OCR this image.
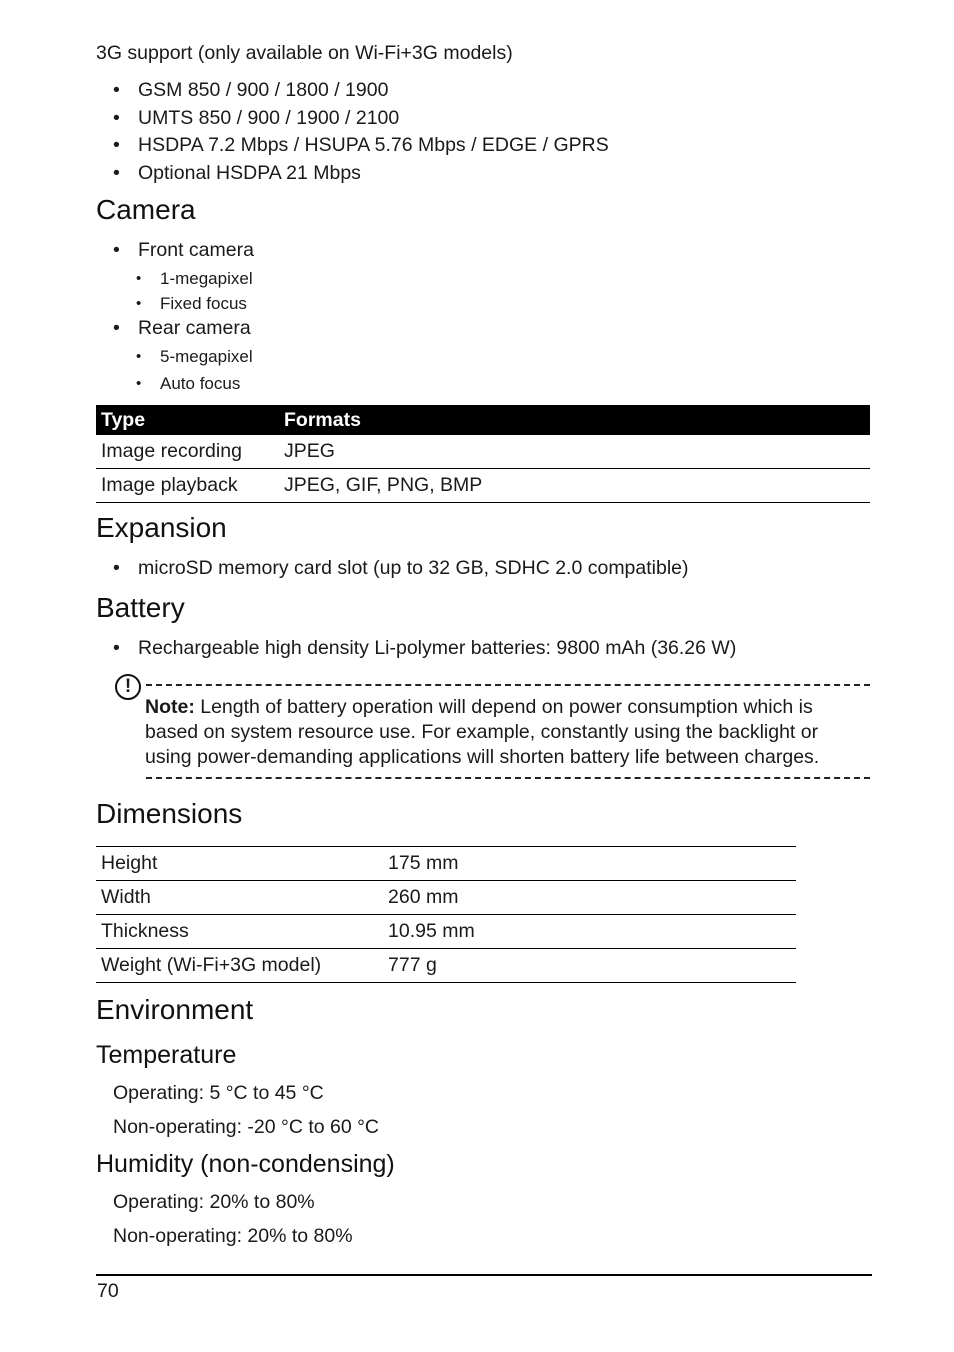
3G support (only available on Wi-Fi+3G models)
• GSM 850 / 900 / 1800 / 1900
• UMTS 850 / 900 / 1900 / 2100
• HSDPA 7.2 Mbps / HSUPA 5.76 Mbps / EDGE / GPRS
• Optional HSDPA 21 Mbps
Camera
• Front camera
• 1-megapixel
• Fixed focus
• Rear camera
• 5-megapixel
• Auto focus
Type	Formats
Image recording	JPEG
Image playback	JPEG, GIF, PNG, BMP
Expansion
• microSD memory card slot (up to 32 GB, SDHC 2.0 compatible)
Battery
• Rechargeable high density Li-polymer batteries: 9800 mAh (36.26 W)
!
Note: Length of battery operation will depend on power consumption which is
based on system resource use. For example, constantly using the backlight or
using power-demanding applications will shorten battery life between charges.
Dimensions
Height	175 mm
Width	260 mm
Thickness	10.95 mm
Weight (Wi-Fi+3G model)	777 g
Environment
Temperature
Operating: 5 °C to 45 °C
Non-operating: -20 °C to 60 °C
Humidity (non-condensing)
Operating: 20% to 80%
Non-operating: 20% to 80%
70
